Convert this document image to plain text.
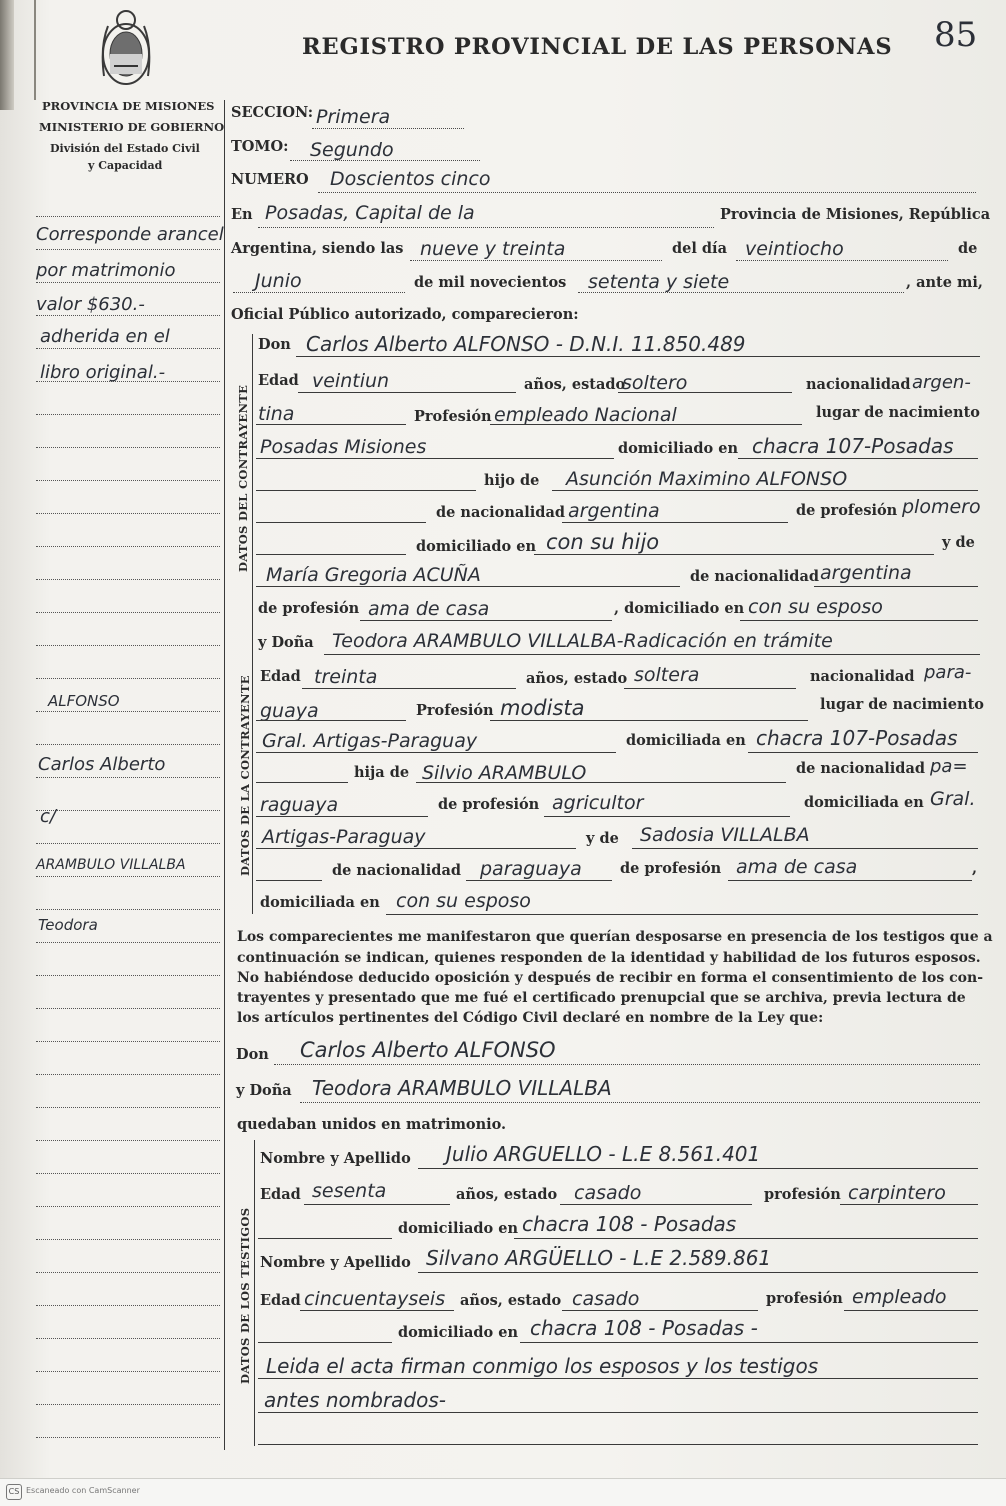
REGISTRO PROVINCIAL DE LAS PERSONAS 85
PROVINCIA DE MISIONES
MINISTERIO DE GOBIERNO
División del Estado Civil
y Capacidad
Corresponde arancel
por matrimonio
valor $630.-
adherida en el
libro original.-
ALFONSO
Carlos Alberto
c/
ARAMBULO VILLALBA
Teodora
SECCION: Primera
TOMO: Segundo
NUMERO Doscientos cinco
En Posadas, Capital de la	Provincia de Misiones, República
Argentina, siendo las nueve y treinta	del día veintiocho	de
Junio	de mil novecientos setenta y siete	, ante mi,
Oficial Público autorizado, comparecieron:
DATOS DEL CONTRAYENTE
DATOS DE LA CONTRAYENTE
Don Carlos Alberto ALFONSO - D.N.I. 11.850.489
Edad veintiun	años, estado
soltero	nacionalidad argen-
tina	Profesión empleado Nacional	lugar de nacimiento
Posadas Misiones	domiciliado en chacra 107-Posadas
hijo de Asunción Maximino ALFONSO
de nacionalidad argentina	de profesión plomero
domiciliado en con su hijo	y de
María Gregoria ACUÑA	de nacionalidad argentina
de profesión ama de casa	, domiciliado en con su esposo
y Doña Teodora ARAMBULO VILLALBA-Radicación en trámite
Edad treinta	años, estado soltera	nacionalidad para-
guaya	Profesión modista	lugar de nacimiento
Gral. Artigas-Paraguay	domiciliada en chacra 107-Posadas
hija de Silvio ARAMBULO	de nacionalidad pa=
raguaya	de profesión agricultor	domiciliada en Gral.
Artigas-Paraguay	y de Sadosia VILLALBA
de nacionalidad paraguaya	de profesión ama de casa	,
domiciliada en con su esposo
Los comparecientes me manifestaron que querían desposarse en presencia de los testigos que a
continuación se indican, quienes responden de la identidad y habilidad de los futuros esposos.
No habiéndose deducido oposición y después de recibir en forma el consentimiento de los con-
trayentes y presentado que me fué el certificado prenupcial que se archiva, previa lectura de
los artículos pertinentes del Código Civil declaré en nombre de la Ley que:
Don Carlos Alberto ALFONSO
y Doña Teodora ARAMBULO VILLALBA
quedaban unidos en matrimonio.
DATOS DE LOS TESTIGOS
Nombre y Apellido Julio ARGUELLO - L.E 8.561.401
Edad sesenta	años, estado casado	profesión carpintero
domiciliado en chacra 108 - Posadas
Nombre y Apellido Silvano ARGÜELLO - L.E 2.589.861
Edad cincuentayseis años, estado casado	profesión empleado
domiciliado en chacra 108 - Posadas -
Leida el acta firman conmigo los esposos y los testigos
antes nombrados-
CS Escaneado con CamScanner
